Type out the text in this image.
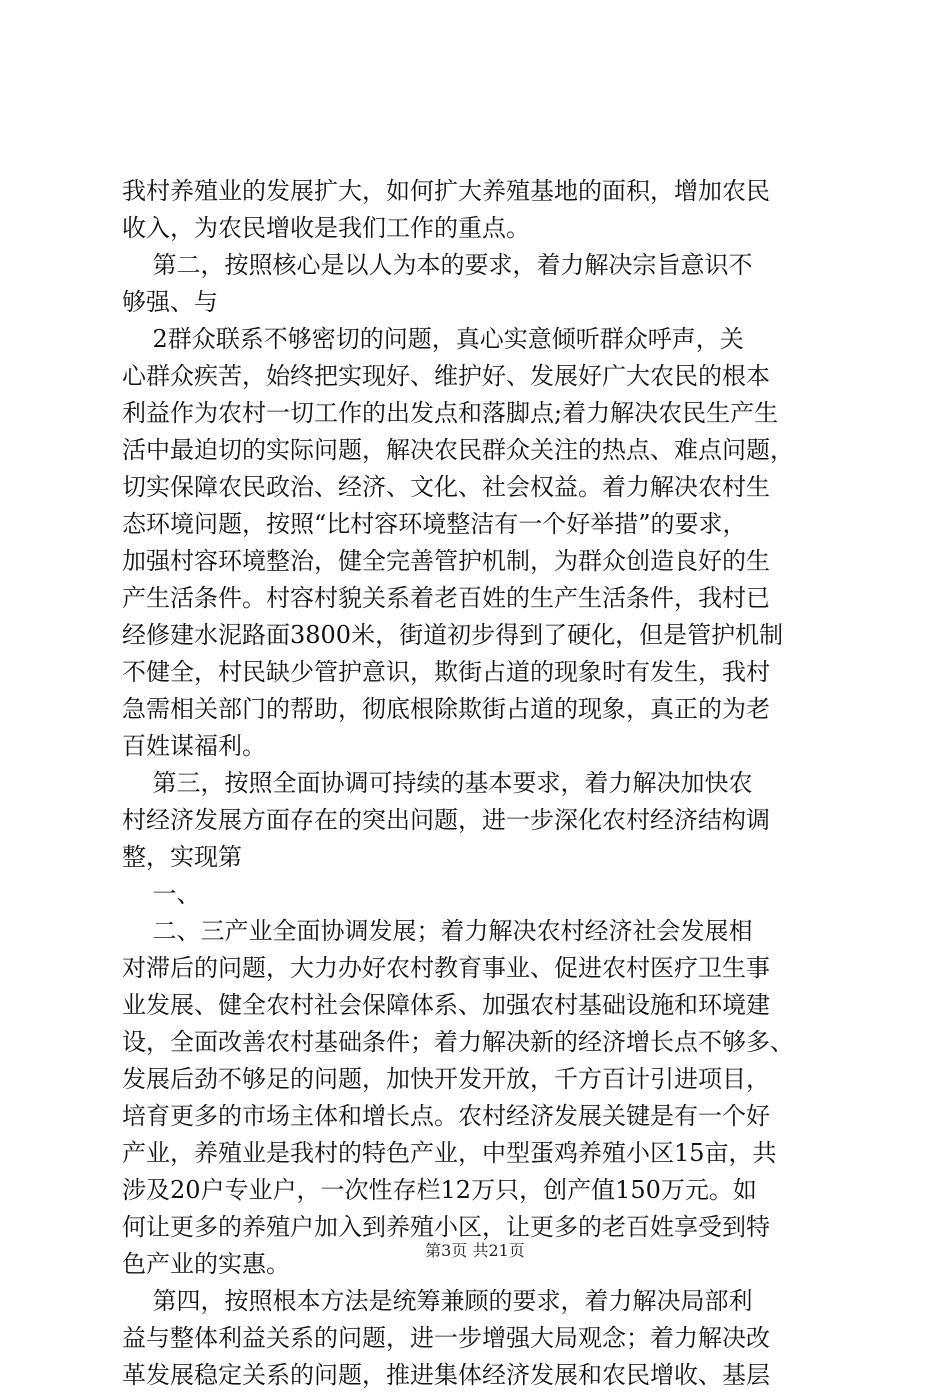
我村养殖业的发展扩大，如何扩大养殖基地的面积，增加农民
收入，为农民增收是我们工作的重点。
第二，按照核心是以人为本的要求，着力解决宗旨意识不
够强、与
2群众联系不够密切的问题，真心实意倾听群众呼声，关
心群众疾苦，始终把实现好、维护好、发展好广大农民的根本
利益作为农村一切工作的出发点和落脚点;着力解决农民生产生
活中最迫切的实际问题，解决农民群众关注的热点、难点问题，
切实保障农民政治、经济、文化、社会权益。着力解决农村生
态环境问题，按照“比村容环境整洁有一个好举措”的要求，
加强村容环境整治，健全完善管护机制，为群众创造良好的生
产生活条件。村容村貌关系着老百姓的生产生活条件，我村已
经修建水泥路面3800米，街道初步得到了硬化，但是管护机制
不健全，村民缺少管护意识，欺街占道的现象时有发生，我村
急需相关部门的帮助，彻底根除欺街占道的现象，真正的为老
百姓谋福利。
第三，按照全面协调可持续的基本要求，着力解决加快农
村经济发展方面存在的突出问题，进一步深化农村经济结构调
整，实现第
一、
二、三产业全面协调发展；着力解决农村经济社会发展相
对滞后的问题，大力办好农村教育事业、促进农村医疗卫生事
业发展、健全农村社会保障体系、加强农村基础设施和环境建
设，全面改善农村基础条件；着力解决新的经济增长点不够多、
发展后劲不够足的问题，加快开发开放，千方百计引进项目，
培育更多的市场主体和增长点。农村经济发展关键是有一个好
产业，养殖业是我村的特色产业，中型蛋鸡养殖小区15亩，共
涉及20户专业户，一次性存栏12万只，创产值150万元。如
何让更多的养殖户加入到养殖小区，让更多的老百姓享受到特
色产业的实惠。
第四，按照根本方法是统筹兼顾的要求，着力解决局部利
益与整体利益关系的问题，进一步增强大局观念；着力解决改
革发展稳定关系的问题，推进集体经济发展和农民增收、基层
第3页 共21页
